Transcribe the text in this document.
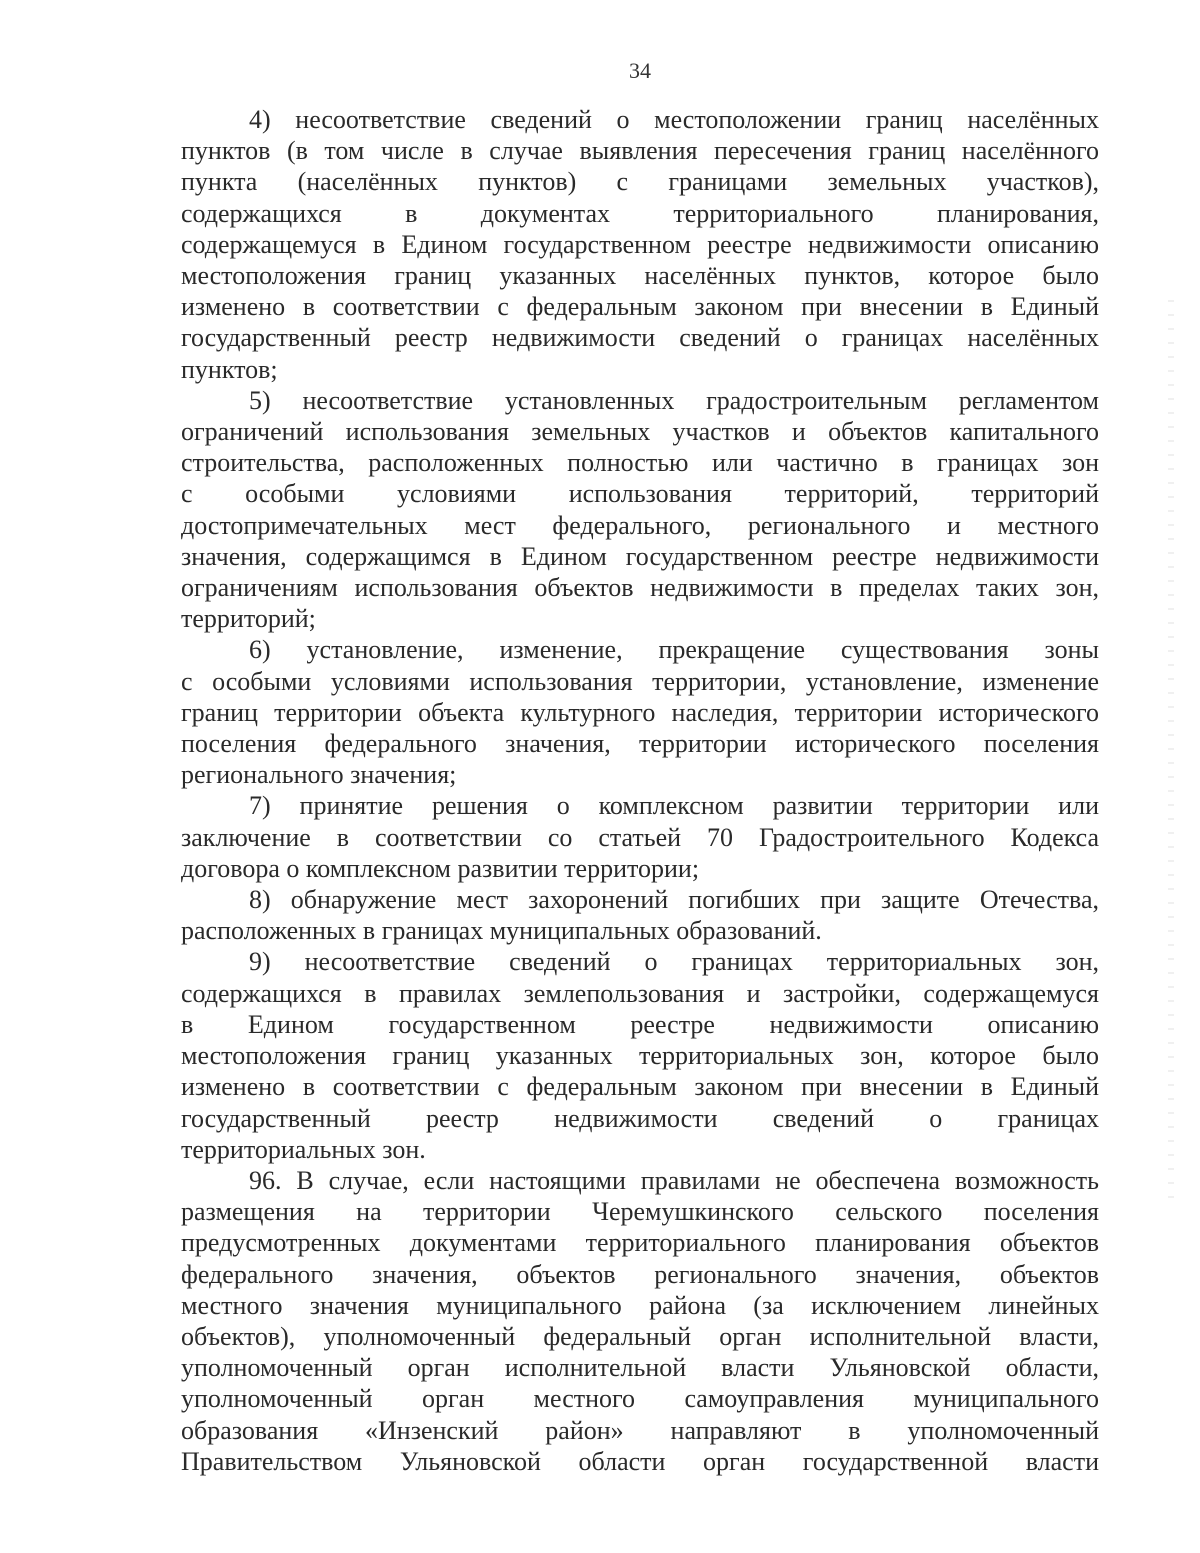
34
4) несоответствие сведений о местоположении границ населённых
пунктов (в том числе в случае выявления пересечения границ населённого
пункта (населённых пунктов) с границами земельных участков),
содержащихся в документах территориального планирования,
содержащемуся в Едином государственном реестре недвижимости описанию
местоположения границ указанных населённых пунктов, которое было
изменено в соответствии с федеральным законом при внесении в Единый
государственный реестр недвижимости сведений о границах населённых
пунктов;
5) несоответствие установленных градостроительным регламентом
ограничений использования земельных участков и объектов капитального
строительства, расположенных полностью или частично в границах зон
с особыми условиями использования территорий, территорий
достопримечательных мест федерального, регионального и местного
значения, содержащимся в Едином государственном реестре недвижимости
ограничениям использования объектов недвижимости в пределах таких зон,
территорий;
6) установление, изменение, прекращение существования зоны
с особыми условиями использования территории, установление, изменение
границ территории объекта культурного наследия, территории исторического
поселения федерального значения, территории исторического поселения
регионального значения;
7) принятие решения о комплексном развитии территории или
заключение в соответствии со статьей 70 Градостроительного Кодекса
договора о комплексном развитии территории;
8) обнаружение мест захоронений погибших при защите Отечества,
расположенных в границах муниципальных образований.
9) несоответствие сведений о границах территориальных зон,
содержащихся в правилах землепользования и застройки, содержащемуся
в Едином государственном реестре недвижимости описанию
местоположения границ указанных территориальных зон, которое было
изменено в соответствии с федеральным законом при внесении в Единый
государственный реестр недвижимости сведений о границах
территориальных зон.
96. В случае, если настоящими правилами не обеспечена возможность
размещения на территории Черемушкинского сельского поселения
предусмотренных документами территориального планирования объектов
федерального значения, объектов регионального значения, объектов
местного значения муниципального района (за исключением линейных
объектов), уполномоченный федеральный орган исполнительной власти,
уполномоченный орган исполнительной власти Ульяновской области,
уполномоченный орган местного самоуправления муниципального
образования «Инзенский район» направляют в уполномоченный
Правительством Ульяновской области орган государственной власти
